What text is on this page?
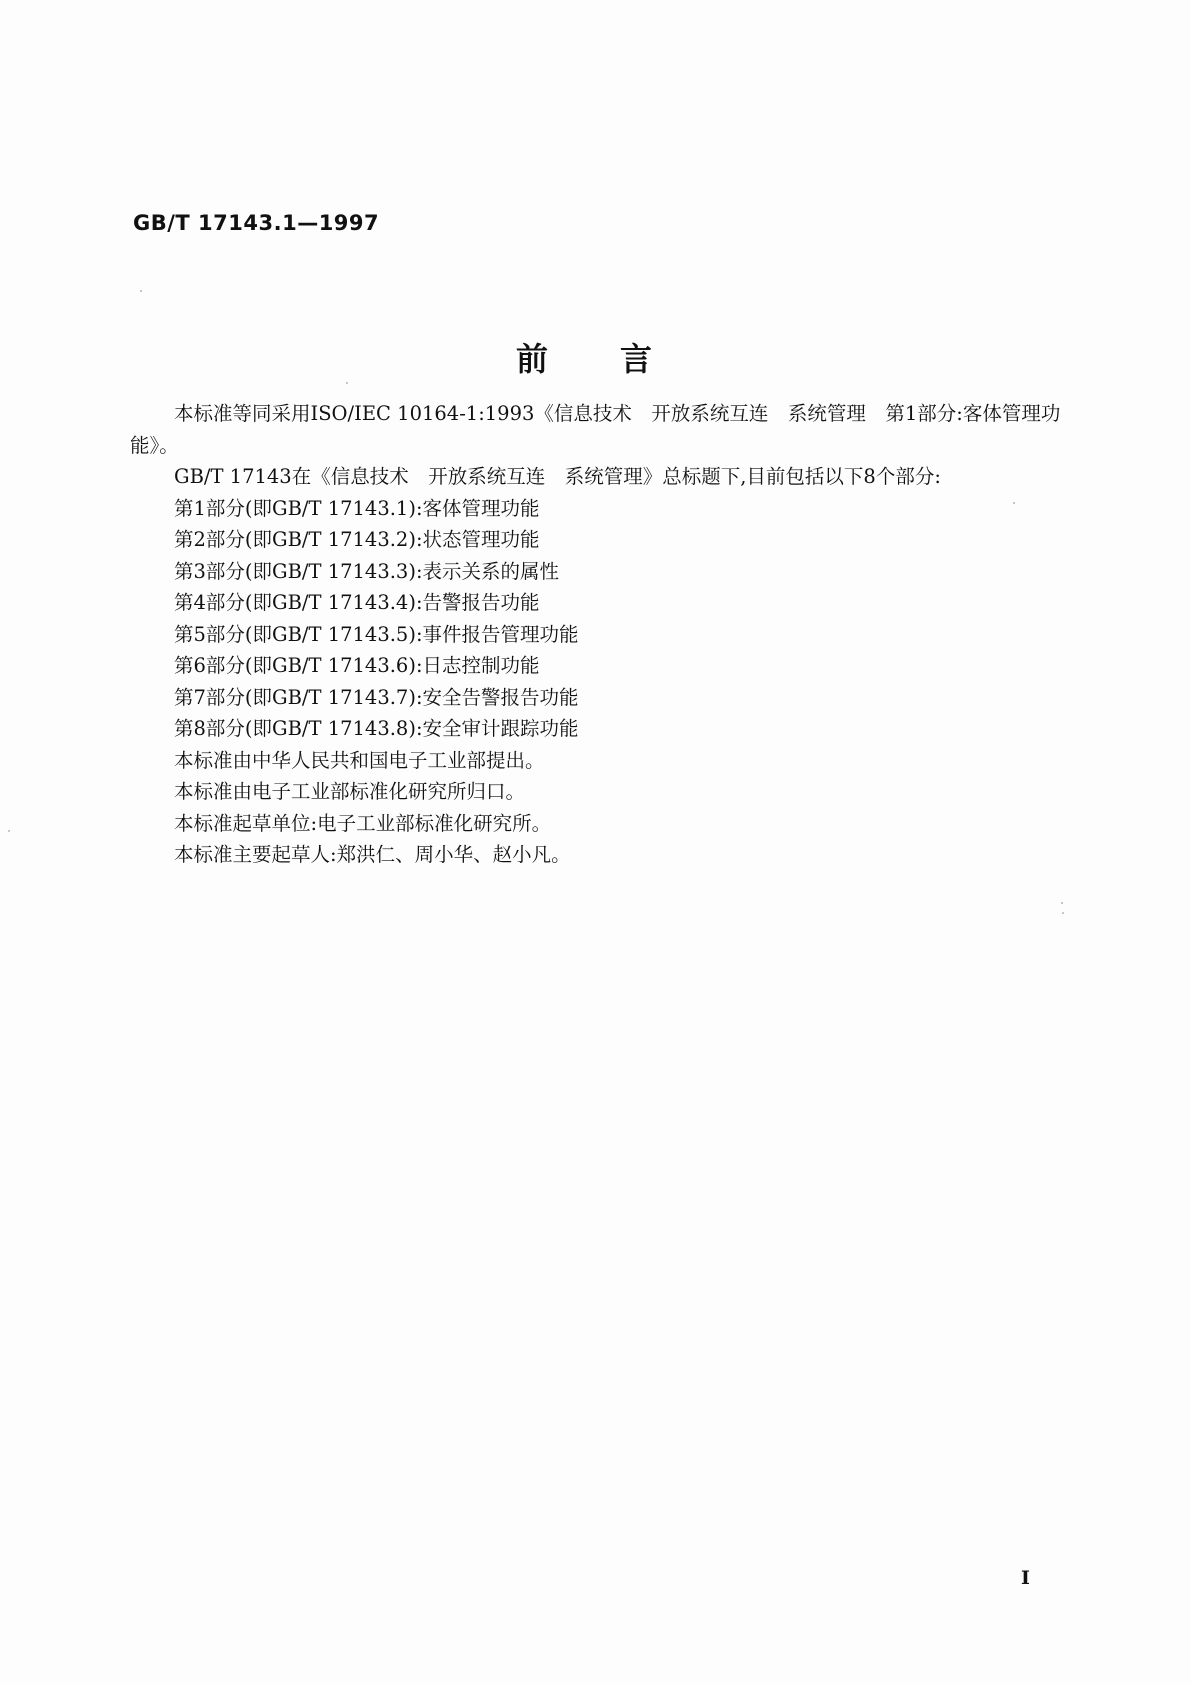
GB/T 17143.1—1997
前言

本标准等同采用ISO/IEC 10164-1:1993《信息技术　开放系统互连　系统管理　第1部分:客体管理功能》。

GB/T 17143在《信息技术　开放系统互连　系统管理》总标题下,目前包括以下8个部分:

第1部分(即GB/T 17143.1):客体管理功能

第2部分(即GB/T 17143.2):状态管理功能

第3部分(即GB/T 17143.3):表示关系的属性

第4部分(即GB/T 17143.4):告警报告功能

第5部分(即GB/T 17143.5):事件报告管理功能

第6部分(即GB/T 17143.6):日志控制功能

第7部分(即GB/T 17143.7):安全告警报告功能

第8部分(即GB/T 17143.8):安全审计跟踪功能

本标准由中华人民共和国电子工业部提出。

本标准由电子工业部标准化研究所归口。

本标准起草单位:电子工业部标准化研究所。

本标准主要起草人:郑洪仁、周小华、赵小凡。

I
